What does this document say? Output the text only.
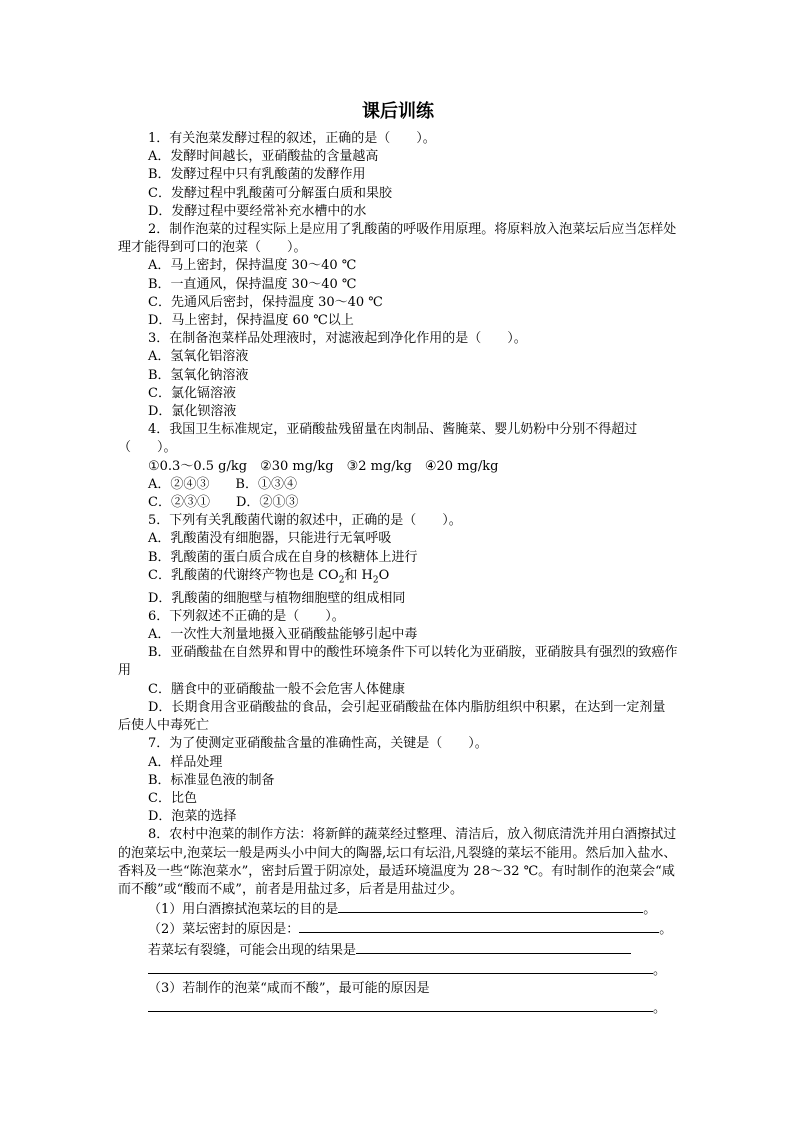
课后训练
1．有关泡菜发酵过程的叙述，正确的是（　　）。
A．发酵时间越长，亚硝酸盐的含量越高
B．发酵过程中只有乳酸菌的发酵作用
C．发酵过程中乳酸菌可分解蛋白质和果胶
D．发酵过程中要经常补充水槽中的水
2．制作泡菜的过程实际上是应用了乳酸菌的呼吸作用原理。将原料放入泡菜坛后应当怎样处理才能得到可口的泡菜（　　）。
A．马上密封，保持温度 30～40 ℃
B．一直通风，保持温度 30～40 ℃
C．先通风后密封，保持温度 30～40 ℃
D．马上密封，保持温度 60 ℃以上
3．在制备泡菜样品处理液时，对滤液起到净化作用的是（　　）。
A．氢氧化铝溶液
B．氢氧化钠溶液
C．氯化镉溶液
D．氯化钡溶液
4．我国卫生标准规定，亚硝酸盐残留量在肉制品、酱腌菜、婴儿奶粉中分别不得超过（　　）。
①0.3～0.5 g/kg　②30 mg/kg　③2 mg/kg　④20 mg/kg
A．②④③ B．①③④
C．②③① D．②①③
5．下列有关乳酸菌代谢的叙述中，正确的是（　　）。
A．乳酸菌没有细胞器，只能进行无氧呼吸
B．乳酸菌的蛋白质合成在自身的核糖体上进行
C．乳酸菌的代谢终产物也是 $CO_2$和 $H_2O$
D．乳酸菌的细胞壁与植物细胞壁的组成相同
6．下列叙述不正确的是（　　）。
A．一次性大剂量地摄入亚硝酸盐能够引起中毒
B．亚硝酸盐在自然界和胃中的酸性环境条件下可以转化为亚硝胺，亚硝胺具有强烈的致癌作用
C．膳食中的亚硝酸盐一般不会危害人体健康
D．长期食用含亚硝酸盐的食品，会引起亚硝酸盐在体内脂肪组织中积累，在达到一定剂量后使人中毒死亡
7．为了使测定亚硝酸盐含量的准确性高，关键是（　　）。
A．样品处理
B．标准显色液的制备
C．比色
D．泡菜的选择
8．农村中泡菜的制作方法：将新鲜的蔬菜经过整理、清洁后，放入彻底清洗并用白酒擦拭过的泡菜坛中,泡菜坛一般是两头小中间大的陶器,坛口有坛沿,凡裂缝的菜坛不能用。然后加入盐水、香料及一些“陈泡菜水”，密封后置于阴凉处，最适环境温度为 28～32 ℃。有时制作的泡菜会“咸而不酸”或“酸而不咸”，前者是用盐过多，后者是用盐过少。
（1）用白酒擦拭泡菜坛的目的是	。
（2）菜坛密封的原因是：	。
若菜坛有裂缝，可能会出现的结果是
。
（3）若制作的泡菜“咸而不酸”，最可能的原因是
。
